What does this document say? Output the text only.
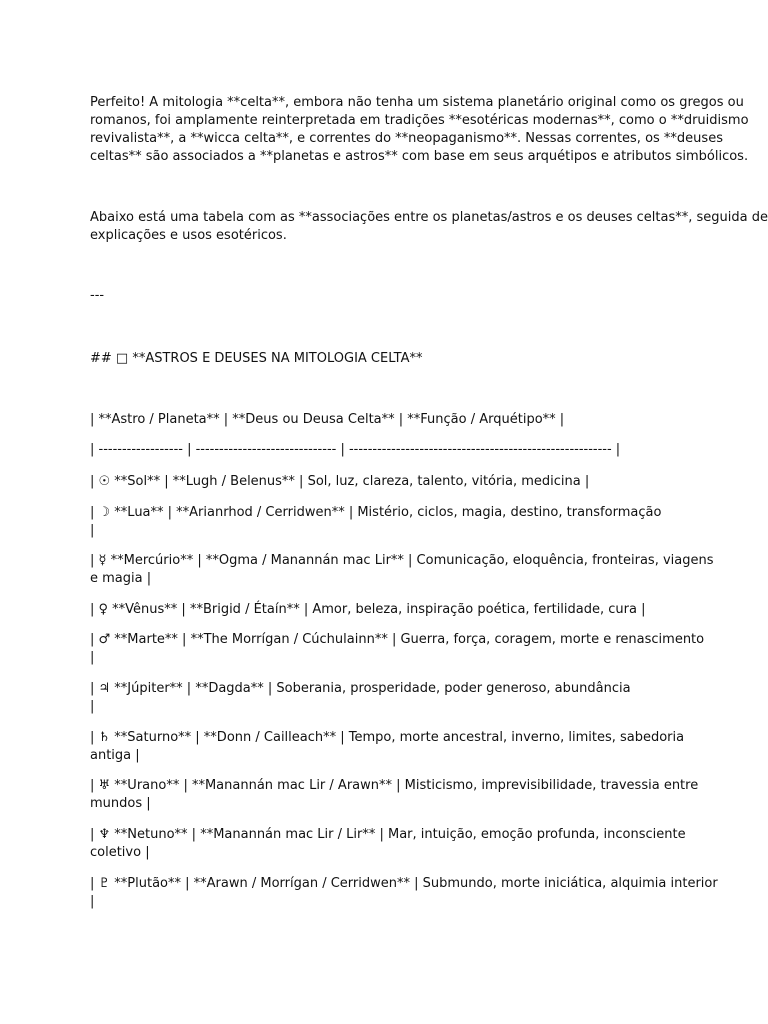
Perfeito! A mitologia **celta**, embora não tenha um sistema planetário original como os gregos ou
romanos, foi amplamente reinterpretada em tradições **esotéricas modernas**, como o **druidismo
revivalista**, a **wicca celta**, e correntes do **neopaganismo**. Nessas correntes, os **deuses
celtas** são associados a **planetas e astros** com base em seus arquétipos e atributos simbólicos.
Abaixo está uma tabela com as **associações entre os planetas/astros e os deuses celtas**, seguida de
explicações e usos esotéricos.
---
## □ **ASTROS E DEUSES NA MITOLOGIA CELTA**
| **Astro / Planeta** | **Deus ou Deusa Celta** | **Função / Arquétipo** |
| ------------------ | ------------------------------ | -------------------------------------------------------- |
| ☉ **Sol** | **Lugh / Belenus** | Sol, luz, clareza, talento, vitória, medicina |
| ☽ **Lua** | **Arianrhod / Cerridwen** | Mistério, ciclos, magia, destino, transformação
|
| ☿ **Mercúrio** | **Ogma / Manannán mac Lir** | Comunicação, eloquência, fronteiras, viagens
e magia |
| ♀ **Vênus** | **Brigid / Étaín** | Amor, beleza, inspiração poética, fertilidade, cura |
| ♂ **Marte** | **The Morrígan / Cúchulainn** | Guerra, força, coragem, morte e renascimento
|
| ♃ **Júpiter** | **Dagda** | Soberania, prosperidade, poder generoso, abundância
|
| ♄ **Saturno** | **Donn / Cailleach** | Tempo, morte ancestral, inverno, limites, sabedoria
antiga |
| ♅ **Urano** | **Manannán mac Lir / Arawn** | Misticismo, imprevisibilidade, travessia entre
mundos |
| ♆ **Netuno** | **Manannán mac Lir / Lir** | Mar, intuição, emoção profunda, inconsciente
coletivo |
| ♇ **Plutão** | **Arawn / Morrígan / Cerridwen** | Submundo, morte iniciática, alquimia interior
|
